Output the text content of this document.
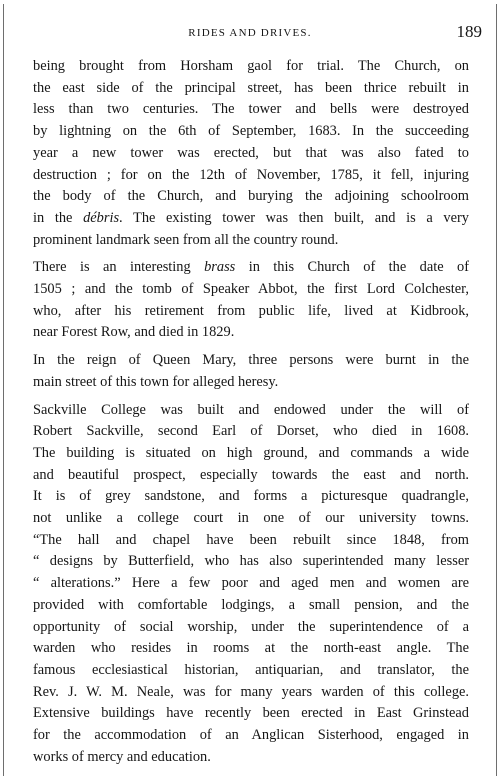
RIDES AND DRIVES.	189

being brought from Horsham gaol for trial. The Church, on
the east side of the principal street, has been thrice rebuilt in
less than two centuries. The tower and bells were destroyed
by lightning on the 6th of September, 1683. In the succeeding
year a new tower was erected, but that was also fated to
destruction ; for on the 12th of November, 1785, it fell, injuring
the body of the Church, and burying the adjoining schoolroom
in the débris. The existing tower was then built, and is a very
prominent landmark seen from all the country round.

There is an interesting brass in this Church of the date of
1505 ; and the tomb of Speaker Abbot, the first Lord Colchester,
who, after his retirement from public life, lived at Kidbrook,
near Forest Row, and died in 1829.

In the reign of Queen Mary, three persons were burnt in the
main street of this town for alleged heresy.

Sackville College was built and endowed under the will of
Robert Sackville, second Earl of Dorset, who died in 1608.
The building is situated on high ground, and commands a wide
and beautiful prospect, especially towards the east and north.
It is of grey sandstone, and forms a picturesque quadrangle,
not unlike a college court in one of our university towns.
“The hall and chapel have been rebuilt since 1848, from
“ designs by Butterfield, who has also superintended many lesser
“ alterations.” Here a few poor and aged men and women are
provided with comfortable lodgings, a small pension, and the
opportunity of social worship, under the superintendence of a
warden who resides in rooms at the north-east angle. The
famous ecclesiastical historian, antiquarian, and translator, the
Rev. J. W. M. Neale, was for many years warden of this college.
Extensive buildings have recently been erected in East Grinstead
for the accommodation of an Anglican Sisterhood, engaged in
works of mercy and education.
